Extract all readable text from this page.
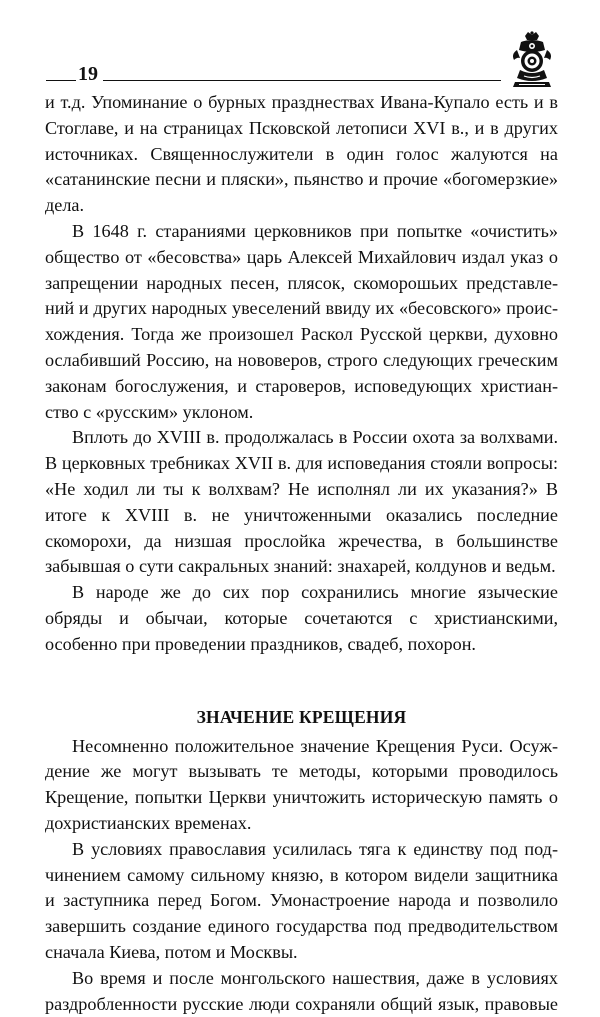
19

и т.д. Упоминание о бурных празднествах Ивана-Купало есть и в Стоглаве, и на страницах Псковской летописи XVI в., и в других источниках. Священнослужители в один голос жалуются на «сатанинские песни и пляски», пьянство и прочие «богомерзкие» дела.

В 1648 г. стараниями церковников при попытке «очистить» общество от «бесовства» царь Алексей Михайлович издал указ о запрещении народных песен, плясок, скоморошьих представлений и других народных увеселений ввиду их «бесовского» происхождения. Тогда же произошел Раскол Русской церкви, духовно ослабивший Россию, на нововеров, строго следующих греческим законам богослужения, и староверов, исповедующих христианство с «русским» уклоном.

Вплоть до XVIII в. продолжалась в России охота за волхвами. В церковных требниках XVII в. для исповедания стояли вопросы: «Не ходил ли ты к волхвам? Не исполнял ли их указания?» В итоге к XVIII в. не уничтоженными оказались последние скоморохи, да низшая прослойка жречества, в большинстве забывшая о сути сакральных знаний: знахарей, колдунов и ведьм.

В народе же до сих пор сохранились многие языческие обряды и обычаи, которые сочетаются с христианскими, особенно при проведении праздников, свадеб, похорон.

ЗНАЧЕНИЕ КРЕЩЕНИЯ

Несомненно положительное значение Крещения Руси. Осуждение же могут вызывать те методы, которыми проводилось Крещение, попытки Церкви уничтожить историческую память о дохристианских временах.

В условиях православия усилилась тяга к единству под подчинением самому сильному князю, в котором видели защитника и заступника перед Богом. Умонастроение народа и позволило завершить создание единого государства под предводительством сначала Киева, потом и Москвы.

Во время и после монгольского нашествия, даже в условиях раздробленности русские люди сохраняли общий язык, правовые
